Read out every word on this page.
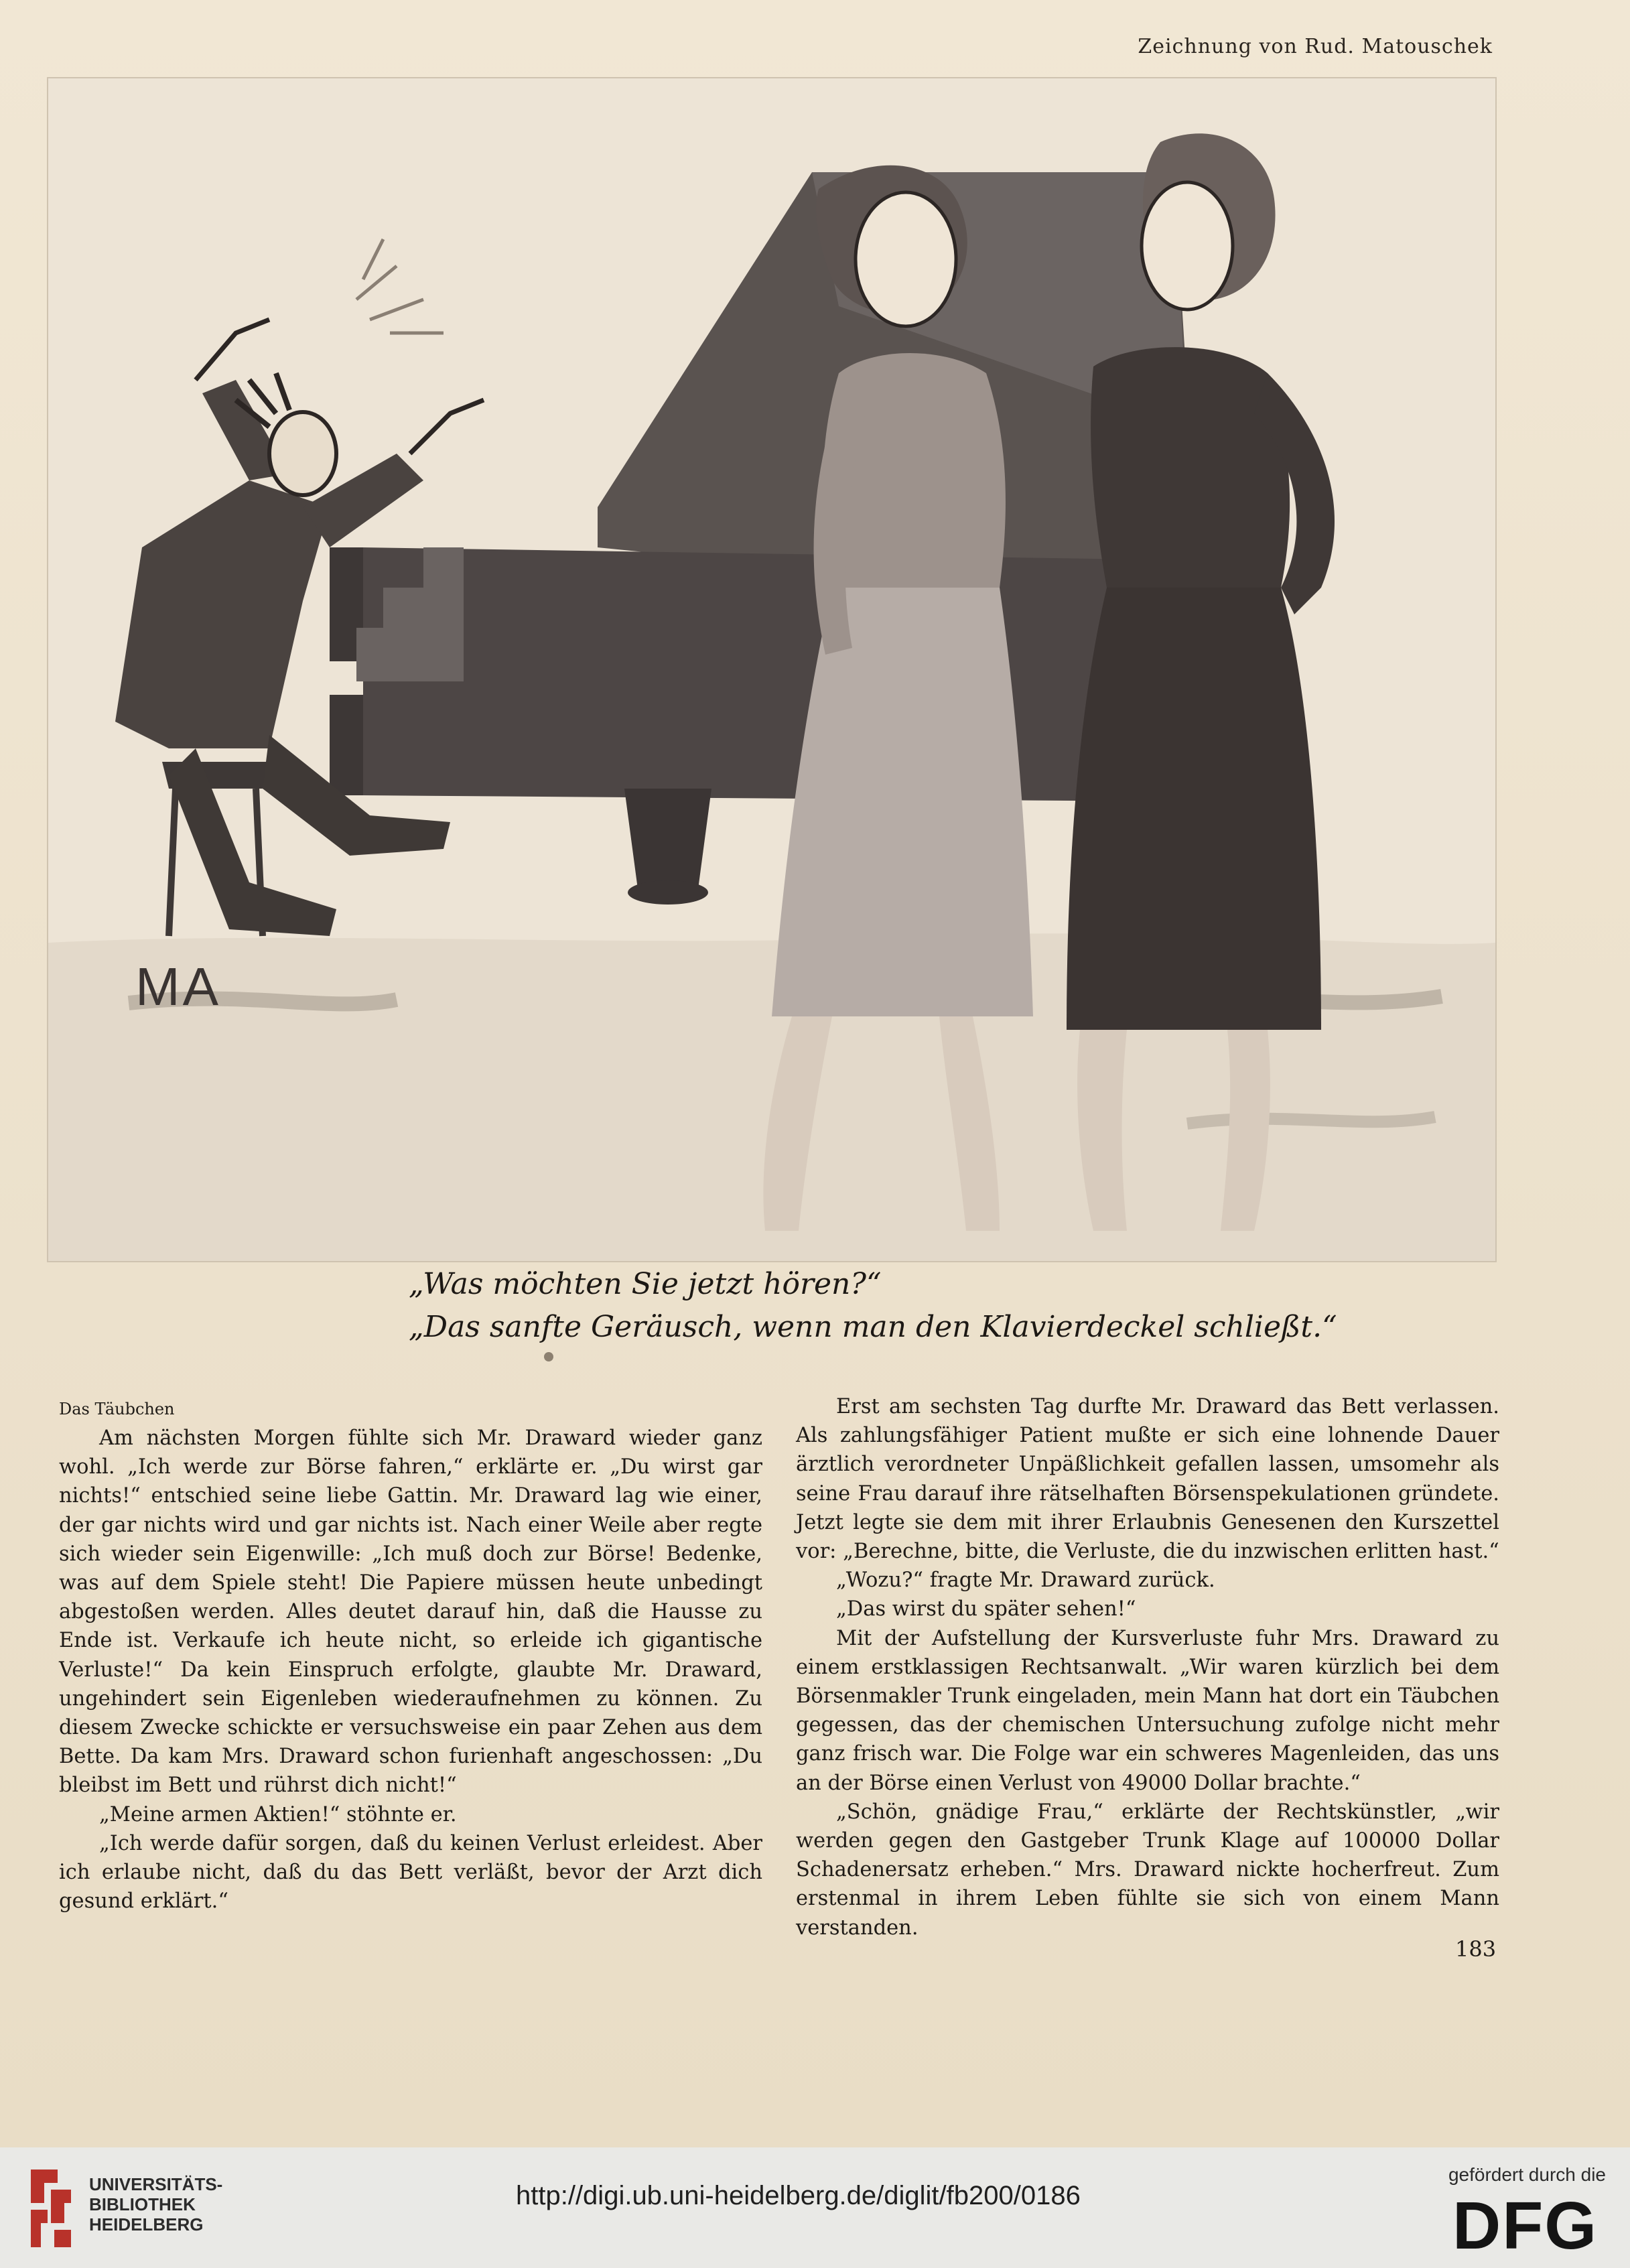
Zeichnung von Rud. Matouschek
MA
„Was möchten Sie jetzt hören?“
„Das sanfte Geräusch, wenn man den Klavierdeckel schließt.“
Das Täubchen

Am nächsten Morgen fühlte sich Mr. Draward wieder ganz wohl. „Ich werde zur Börse fahren,“ erklärte er. „Du wirst gar nichts!“ entschied seine liebe Gattin. Mr. Draward lag wie einer, der gar nichts wird und gar nichts ist. Nach einer Weile aber regte sich wieder sein Eigenwille: „Ich muß doch zur Börse! Bedenke, was auf dem Spiele steht! Die Papiere müssen heute unbedingt abgestoßen werden. Alles deutet darauf hin, daß die Hausse zu Ende ist. Verkaufe ich heute nicht, so erleide ich gigantische Verluste!“ Da kein Einspruch erfolgte, glaubte Mr. Draward, ungehindert sein Eigenleben wiederaufnehmen zu können. Zu diesem Zwecke schickte er versuchsweise ein paar Zehen aus dem Bette. Da kam Mrs. Draward schon furienhaft angeschossen: „Du bleibst im Bett und rührst dich nicht!“

„Meine armen Aktien!“ stöhnte er.

„Ich werde dafür sorgen, daß du keinen Verlust erleidest. Aber ich erlaube nicht, daß du das Bett verläßt, bevor der Arzt dich gesund erklärt.“

Erst am sechsten Tag durfte Mr. Draward das Bett verlassen. Als zahlungsfähiger Patient mußte er sich eine lohnende Dauer ärztlich verordneter Unpäßlichkeit gefallen lassen, umsomehr als seine Frau darauf ihre rätselhaften Börsenspekulationen gründete. Jetzt legte sie dem mit ihrer Erlaubnis Genesenen den Kurszettel vor: „Berechne, bitte, die Verluste, die du inzwischen erlitten hast.“

„Wozu?“ fragte Mr. Draward zurück.

„Das wirst du später sehen!“

Mit der Aufstellung der Kursverluste fuhr Mrs. Draward zu einem erstklassigen Rechtsanwalt. „Wir waren kürzlich bei dem Börsenmakler Trunk eingeladen, mein Mann hat dort ein Täubchen gegessen, das der chemischen Untersuchung zufolge nicht mehr ganz frisch war. Die Folge war ein schweres Magenleiden, das uns an der Börse einen Verlust von 49000 Dollar brachte.“

„Schön, gnädige Frau,“ erklärte der Rechtskünstler, „wir werden gegen den Gastgeber Trunk Klage auf 100000 Dollar Schadenersatz erheben.“ Mrs. Draward nickte hocherfreut. Zum erstenmal in ihrem Leben fühlte sie sich von einem Mann verstanden.

183
UNIVERSITÄTS-
BIBLIOTHEK
HEIDELBERG
http://digi.ub.uni-heidelberg.de/diglit/fb200/0186
gefördert durch die
DFG
